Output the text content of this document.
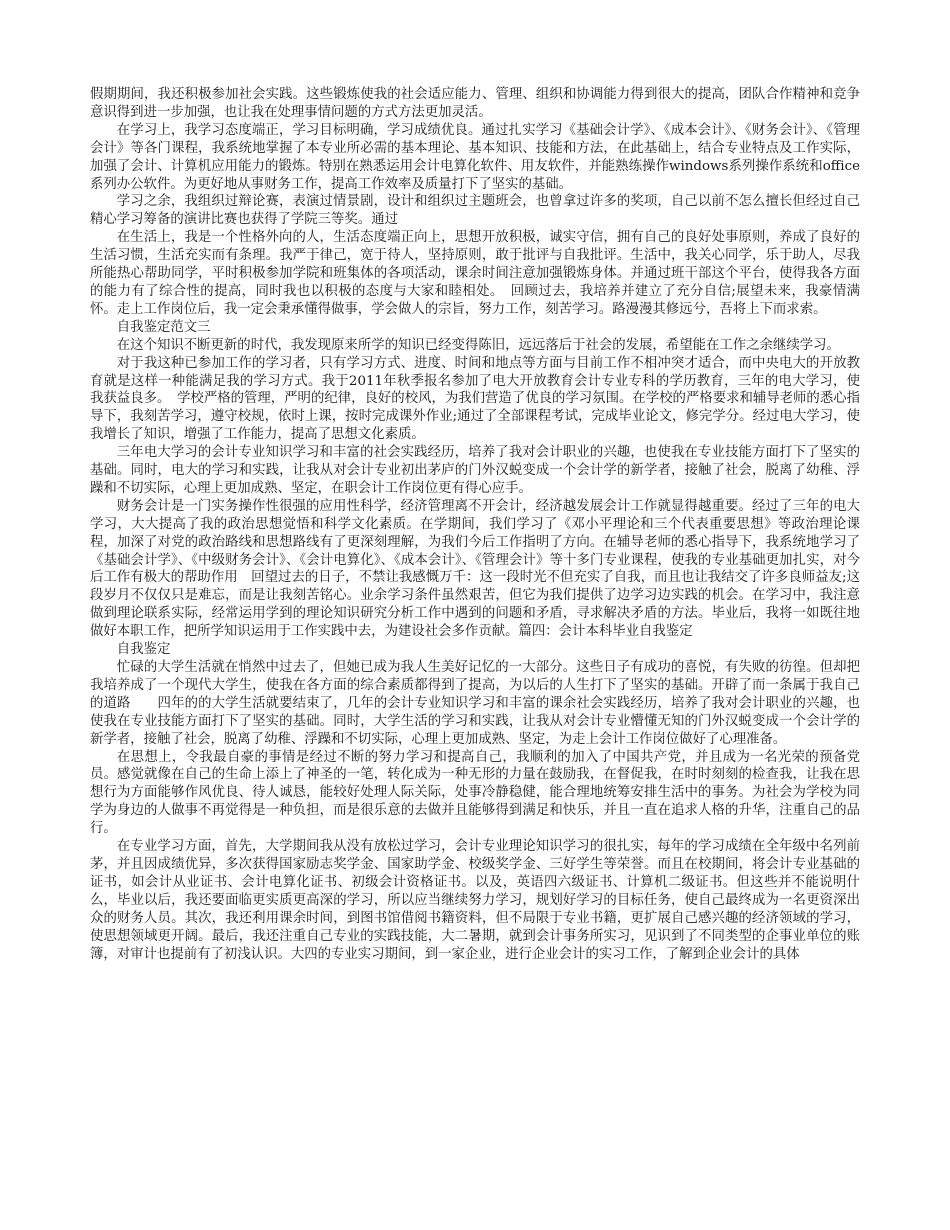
假期期间，我还积极参加社会实践。这些锻炼使我的社会适应能力、管理、组织和协调能力得到很大的提高，团队合作精神和竞争意识得到进一步加强，也让我在处理事情问题的方式方法更加灵活。

在学习上，我学习态度端正，学习目标明确，学习成绩优良。通过扎实学习《基础会计学》、《成本会计》、《财务会计》、《管理会计》等各门课程，我系统地掌握了本专业所必需的基本理论、基本知识、技能和方法，在此基础上，结合专业特点及工作实际，加强了会计、计算机应用能力的锻炼。特别在熟悉运用会计电算化软件、用友软件，并能熟练操作windows系列操作系统和office系列办公软件。为更好地从事财务工作，提高工作效率及质量打下了坚实的基础。

学习之余，我组织过辩论赛，表演过情景剧，设计和组织过主题班会，也曾拿过许多的奖项，自己以前不怎么擅长但经过自己精心学习筹备的演讲比赛也获得了学院三等奖。通过

在生活上，我是一个性格外向的人，生活态度端正向上，思想开放积极，诚实守信，拥有自己的良好处事原则，养成了良好的生活习惯，生活充实而有条理。我严于律己，宽于待人，坚持原则，敢于批评与自我批评。生活中，我关心同学，乐于助人，尽我所能热心帮助同学，平时积极参加学院和班集体的各项活动，课余时间注意加强锻炼身体。并通过班干部这个平台，使得我各方面的能力有了综合性的提高，同时我也以积极的态度与大家和睦相处。　回顾过去，我培养并建立了充分自信;展望未来，我豪情满怀。走上工作岗位后，我一定会秉承懂得做事，学会做人的宗旨，努力工作，刻苦学习。路漫漫其修远兮，吾将上下而求索。

自我鉴定范文三

在这个知识不断更新的时代，我发现原来所学的知识已经变得陈旧，远远落后于社会的发展，希望能在工作之余继续学习。

对于我这种已参加工作的学习者，只有学习方式、进度、时间和地点等方面与目前工作不相冲突才适合，而中央电大的开放教育就是这样一种能满足我的学习方式。我于2011年秋季报名参加了电大开放教育会计专业专科的学历教育，三年的电大学习，使我获益良多。　学校严格的管理，严明的纪律，良好的校风，为我们营造了优良的学习氛围。在学校的严格要求和辅导老师的悉心指导下，我刻苦学习，遵守校规，依时上课，按时完成课外作业;通过了全部课程考试，完成毕业论文，修完学分。经过电大学习，使我增长了知识，增强了工作能力，提高了思想文化素质。

三年电大学习的会计专业知识学习和丰富的社会实践经历，培养了我对会计职业的兴趣，也使我在专业技能方面打下了坚实的基础。同时，电大的学习和实践，让我从对会计专业初出茅庐的门外汉蜕变成一个会计学的新学者，接触了社会，脱离了幼稚、浮躁和不切实际，心理上更加成熟、坚定，在职会计工作岗位更有得心应手。

财务会计是一门实务操作性很强的应用性科学，经济管理离不开会计，经济越发展会计工作就显得越重要。经过了三年的电大学习，大大提高了我的政治思想觉悟和科学文化素质。在学期间，我们学习了《邓小平理论和三个代表重要思想》等政治理论课程，加深了对党的政治路线和思想路线有了更深刻理解，为我们今后工作指明了方向。在辅导老师的悉心指导下，我系统地学习了《基础会计学》、《中级财务会计》、《会计电算化》、《成本会计》、《管理会计》等十多门专业课程，使我的专业基础更加扎实，对今后工作有极大的帮助作用　回望过去的日子，不禁让我感慨万千：这一段时光不但充实了自我，而且也让我结交了许多良师益友;这段岁月不仅仅只是难忘，而是让我刻苦铭心。业余学习条件虽然艰苦，但它为我们提供了边学习边实践的机会。在学习中，我注意做到理论联系实际，经常运用学到的理论知识研究分析工作中遇到的问题和矛盾，寻求解决矛盾的方法。毕业后，我将一如既往地做好本职工作，把所学知识运用于工作实践中去，为建设社会多作贡献。篇四：会计本科毕业自我鉴定

自我鉴定

忙碌的大学生活就在悄然中过去了，但她已成为我人生美好记忆的一大部分。这些日子有成功的喜悦，有失败的彷徨。但却把我培养成了一个现代大学生，使我在各方面的综合素质都得到了提高，为以后的人生打下了坚实的基础。开辟了而一条属于我自己的道路　　四年的的大学生活就要结束了，几年的会计专业知识学习和丰富的课余社会实践经历，培养了我对会计职业的兴趣，也使我在专业技能方面打下了坚实的基础。同时，大学生活的学习和实践，让我从对会计专业懵懂无知的门外汉蜕变成一个会计学的新学者，接触了社会，脱离了幼稚、浮躁和不切实际，心理上更加成熟、坚定，为走上会计工作岗位做好了心理准备。

在思想上，令我最自豪的事情是经过不断的努力学习和提高自己，我顺利的加入了中国共产党，并且成为一名光荣的预备党员。感觉就像在自己的生命上添上了神圣的一笔，转化成为一种无形的力量在鼓励我，在督促我，在时时刻刻的检查我，让我在思想行为方面能够作风优良、待人诚恳，能较好处理人际关际，处事冷静稳健，能合理地统筹安排生活中的事务。为社会为学校为同学为身边的人做事不再觉得是一种负担，而是很乐意的去做并且能够得到满足和快乐，并且一直在追求人格的升华，注重自己的品行。

在专业学习方面，首先，大学期间我从没有放松过学习，会计专业理论知识学习的很扎实，每年的学习成绩在全年级中名列前茅，并且因成绩优异，多次获得国家励志奖学金、国家助学金、校级奖学金、三好学生等荣誉。而且在校期间，将会计专业基础的证书，如会计从业证书、会计电算化证书、初级会计资格证书。以及，英语四六级证书、计算机二级证书。但这些并不能说明什么，毕业以后，我还要面临更实质更高深的学习，所以应当继续努力学习，规划好学习的目标任务，使自己最终成为一名更资深出众的财务人员。其次，我还利用课余时间，到图书馆借阅书籍资料，但不局限于专业书籍，更扩展自己感兴趣的经济领域的学习，使思想领域更开阔。最后，我还注重自己专业的实践技能，大二暑期，就到会计事务所实习，见识到了不同类型的企事业单位的账簿，对审计也提前有了初浅认识。大四的专业实习期间，到一家企业，进行企业会计的实习工作，了解到企业会计的具体
